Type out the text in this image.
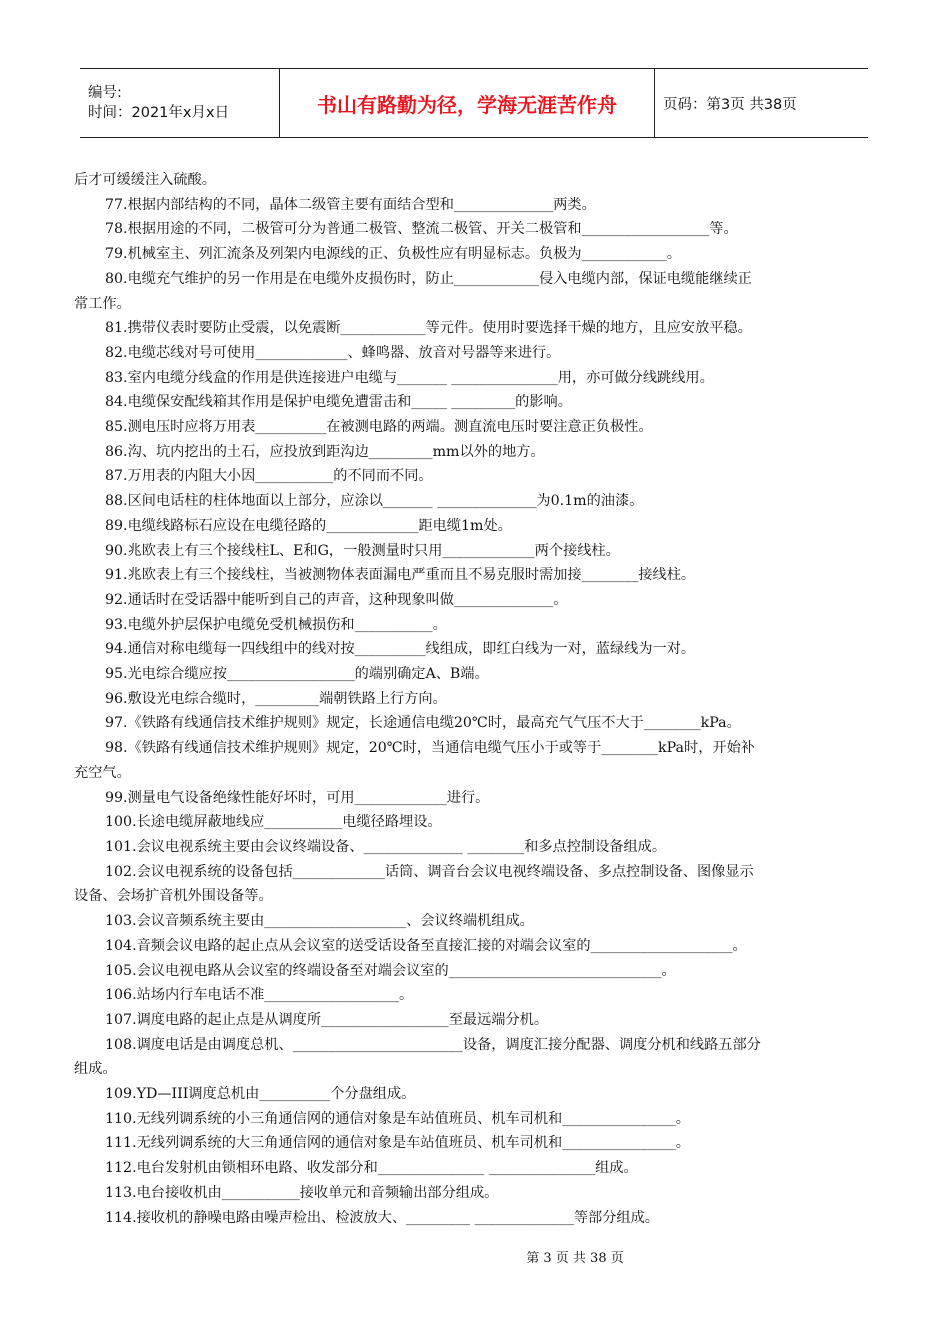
编号:
时间：2021年x月x日	书山有路勤为径，学海无涯苦作舟	页码：第3页 共38页

后才可缓缓注入硫酸。

77.根据内部结构的不同，晶体二级管主要有面结合型和______________两类。

78.根据用途的不同，二极管可分为普通二极管、整流二极管、开关二极管和__________________等。

79.机械室主、列汇流条及列架内电源线的正、负极性应有明显标志。负极为____________。

80.电缆充气维护的另一作用是在电缆外皮损伤时，防止____________侵入电缆内部，保证电缆能继续正

常工作。

81.携带仪表时要防止受震，以免震断____________等元件。使用时要选择干燥的地方，且应安放平稳。

82.电缆芯线对号可使用_____________、蜂鸣器、放音对号器等来进行。

83.室内电缆分线盒的作用是供连接进户电缆与_______ _______________用，亦可做分线跳线用。

84.电缆保安配线箱其作用是保护电缆免遭雷击和_____ _________的影响。

85.测电压时应将万用表__________在被测电路的两端。测直流电压时要注意正负极性。

86.沟、坑内挖出的土石，应投放到距沟边_________mm以外的地方。

87.万用表的内阻大小因___________的不同而不同。

88.区间电话柱的柱体地面以上部分，应涂以_______ ______________为0.1m的油漆。

89.电缆线路标石应设在电缆径路的_____________距电缆1m处。

90.兆欧表上有三个接线柱L、E和G，一般测量时只用_____________两个接线柱。

91.兆欧表上有三个接线柱，当被测物体表面漏电严重而且不易克服时需加接________接线柱。

92.通话时在受话器中能听到自己的声音，这种现象叫做______________。

93.电缆外护层保护电缆免受机械损伤和___________。

94.通信对称电缆每一四线组中的线对按__________线组成，即红白线为一对，蓝绿线为一对。

95.光电综合缆应按__________________的端别确定A、B端。

96.敷设光电综合缆时，_________端朝铁路上行方向。

97.《铁路有线通信技术维护规则》规定，长途通信电缆20℃时，最高充气气压不大于________kPa。

98.《铁路有线通信技术维护规则》规定，20℃时，当通信电缆气压小于或等于________kPa时，开始补

充空气。

99.测量电气设备绝缘性能好坏时，可用_____________进行。

100.长途电缆屏蔽地线应___________电缆径路埋设。

101.会议电视系统主要由会议终端设备、______________ ________和多点控制设备组成。

102.会议电视系统的设备包括_____________话筒、调音台会议电视终端设备、多点控制设备、图像显示

设备、会场扩音机外围设备等。

103.会议音频系统主要由____________________、会议终端机组成。

104.音频会议电路的起止点从会议室的送受话设备至直接汇接的对端会议室的____________________。

105.会议电视电路从会议室的终端设备至对端会议室的______________________________。

106.站场内行车电话不准___________________。

107.调度电路的起止点是从调度所__________________至最远端分机。

108.调度电话是由调度总机、________________________设备，调度汇接分配器、调度分机和线路五部分

组成。

109.YD—III调度总机由__________个分盘组成。

110.无线列调系统的小三角通信网的通信对象是车站值班员、机车司机和________________。

111.无线列调系统的大三角通信网的通信对象是车站值班员、机车司机和________________。

112.电台发射机由锁相环电路、收发部分和_______________ _______________组成。

113.电台接收机由___________接收单元和音频输出部分组成。

114.接收机的静噪电路由噪声检出、检波放大、_________ ______________等部分组成。

第 3 页 共 38 页
